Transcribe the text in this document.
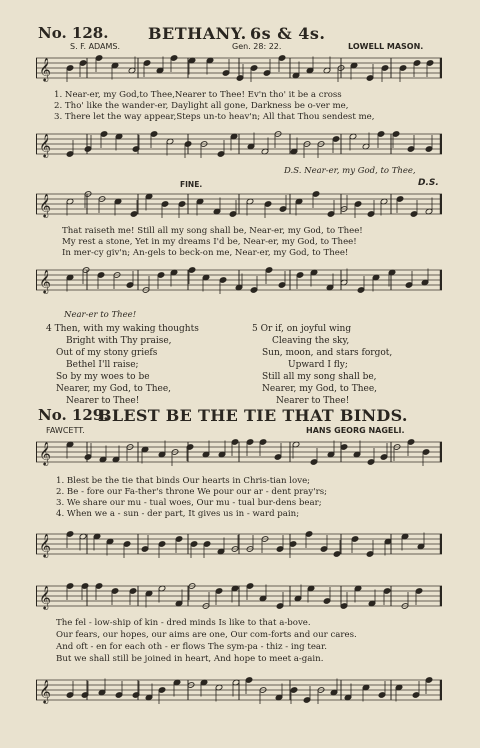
No. 128. BETHANY. 6s & 4s.
S. F. ADAMS.	Gen. 28: 22.	LOWELL MASON.
𝄞
1. Near-er, my God,to Thee,Nearer to Thee! Ev'n tho' it be a cross
2. Tho' like the wander-er, Daylight all gone, Darkness be o-ver me,
3. There let the way appear,Steps un-to heav'n; All that Thou sendest me,
𝄞
D.S. Near-er, my God, to Thee,
FINE.	D.S.
𝄞
That raiseth me! Still all my song shall be, Near-er, my God, to Thee!
My rest a stone, Yet in my dreams I'd be, Near-er, my God, to Thee!
In mer-cy giv'n; An-gels to beck-on me, Near-er, my God, to Thee!
𝄞
Near-er to Thee!
4 Then, with my waking thoughts
Bright with Thy praise,
Out of my stony griefs
Bethel I'll raise;
So by my woes to be
Nearer, my God, to Thee,
Nearer to Thee!
5 Or if, on joyful wing
Cleaving the sky,
Sun, moon, and stars forgot,
Upward I fly;
Still all my song shall be,
Nearer, my God, to Thee,
Nearer to Thee!
No. 129.
BLEST BE THE TIE THAT BINDS.
FAWCETT.	HANS GEORG NAGELI.
𝄞
1. Blest be the tie that binds Our hearts in Chris-tian love;
2. Be - fore our Fa-ther's throne We pour our ar - dent pray'rs;
3. We share our mu - tual woes, Our mu - tual bur-dens bear;
4. When we a - sun - der part, It gives us in - ward pain;
𝄞
𝄞
The fel - low-ship of kin - dred minds Is like to that a-bove.
Our fears, our hopes, our aims are one, Our com-forts and our cares.
And oft - en for each oth - er flows The sym-pa - thiz - ing tear.
But we shall still be joined in heart, And hope to meet a-gain.
𝄞
